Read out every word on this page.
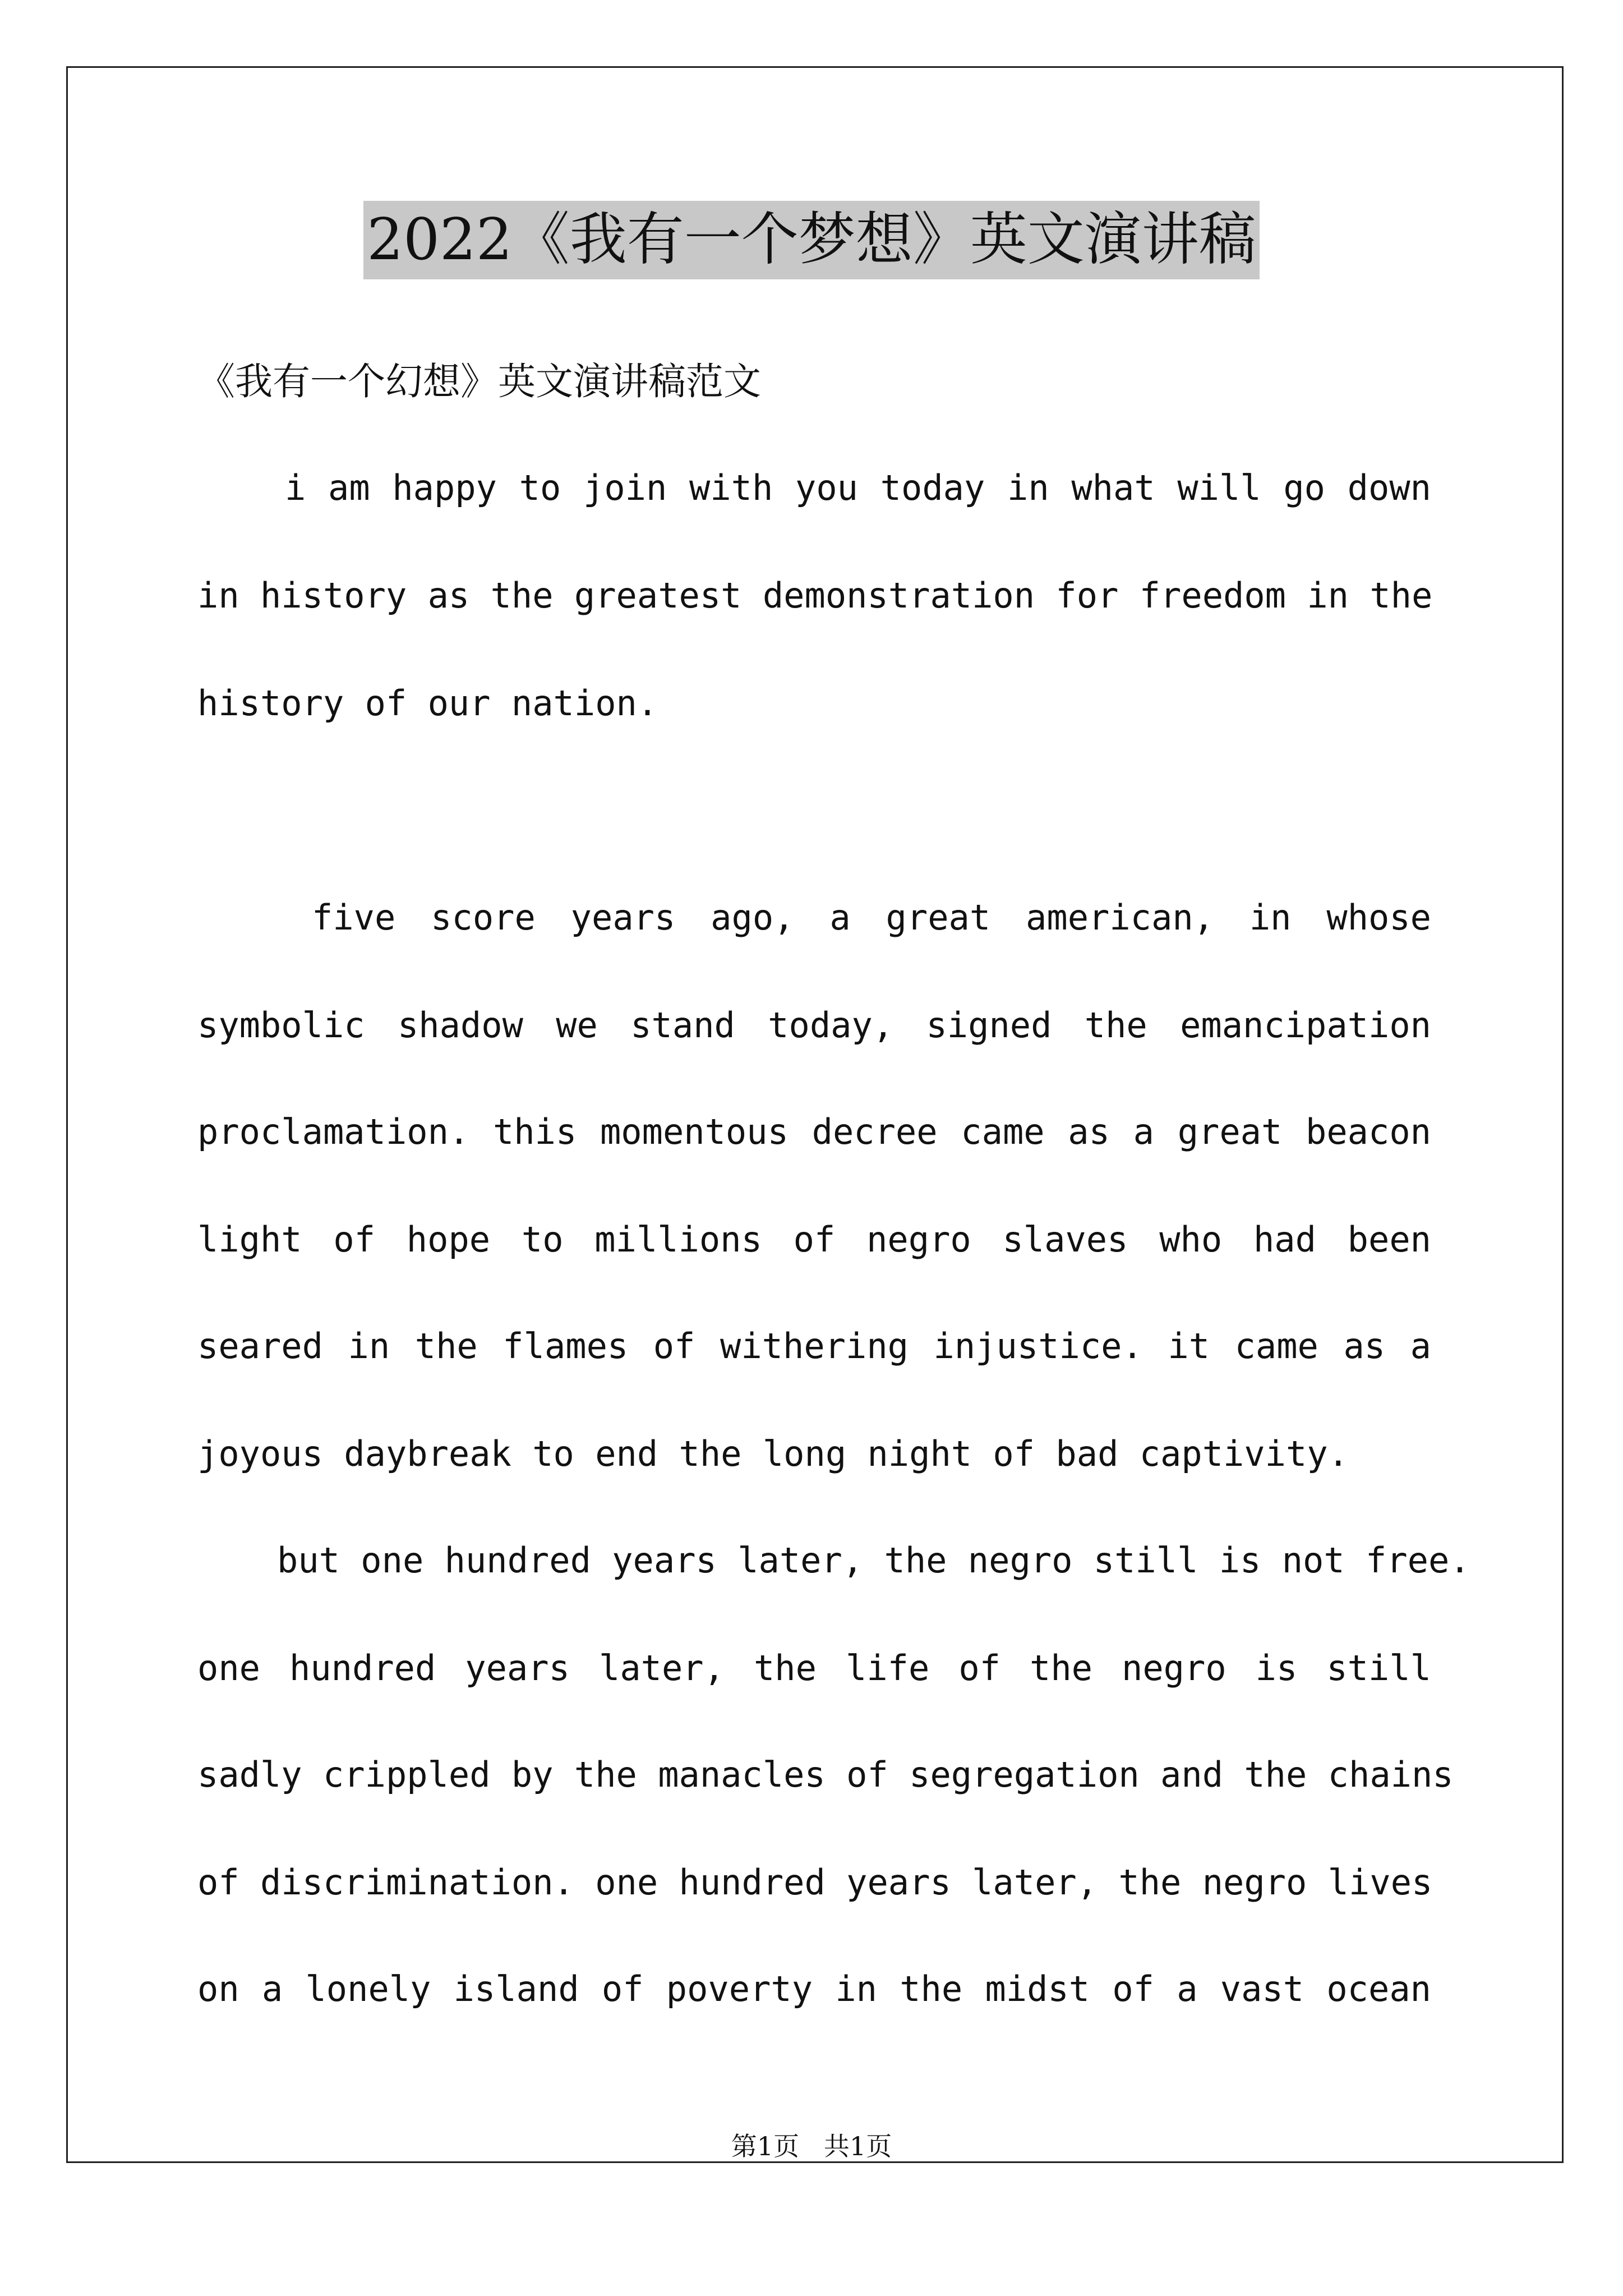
2022《我有一个梦想》英文演讲稿
《我有一个幻想》英文演讲稿范文
i am happy to join with you today in what will go down
in history as the greatest demonstration for freedom in the
history of our nation.
five score years ago, a great american, in whose
symbolic shadow we stand today, signed the emancipation
proclamation. this momentous decree came as a great beacon
light of hope to millions of negro slaves who had been
seared in the flames of withering injustice. it came as a
joyous daybreak to end the long night of bad captivity.
but one hundred years later, the negro still is not free.
one hundred years later, the life of the negro is still
sadly crippled by the manacles of segregation and the chains
of discrimination. one hundred years later, the negro lives
on a lonely island of poverty in the midst of a vast ocean
第1页   共1页
